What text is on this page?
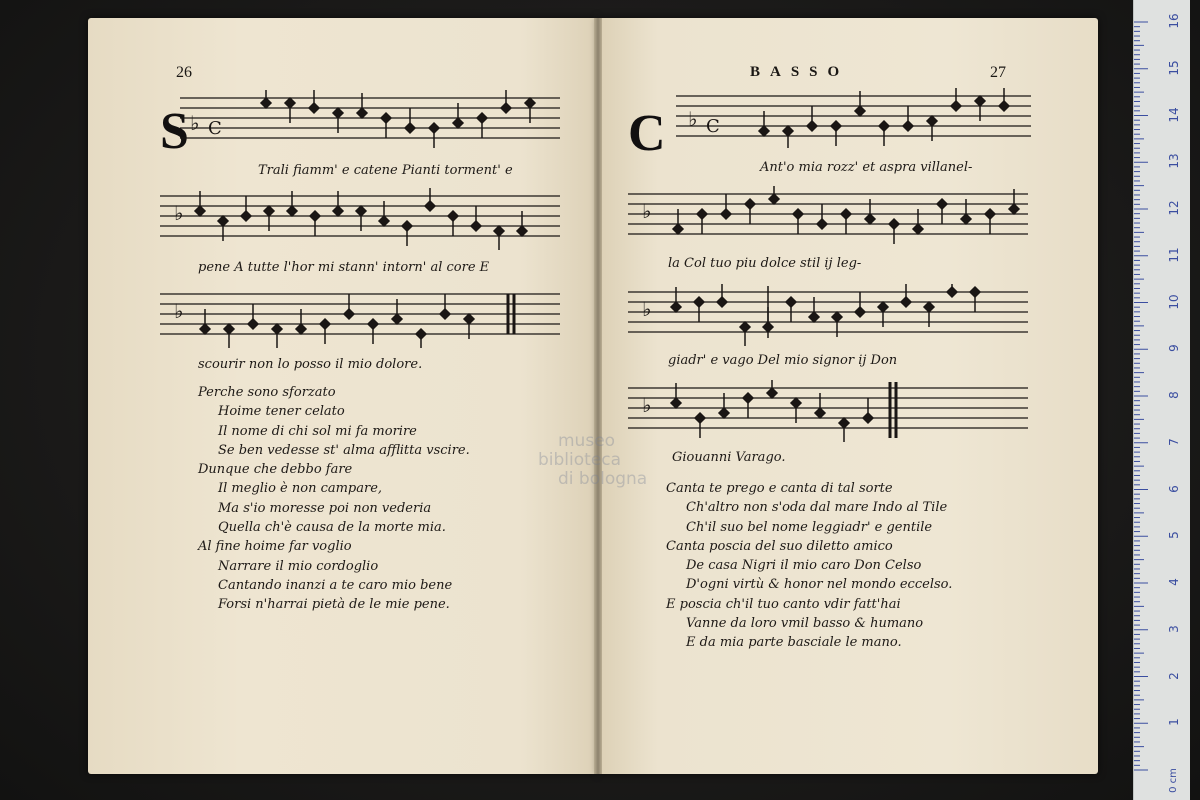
26
S ♭ C
♭
♭
Trali fiamm' e catene Pianti torment' e
pene A tutte l'hor mi stann' intorn' al core E
scourir non lo posso il mio dolore.
Perche sono sforzato
Hoime tener celato
Il nome di chi sol mi fa morire
Se ben vedesse st' alma afflitta vscire.
Dunque che debbo fare
Il meglio è non campare,
Ma s'io moresse poi non vederia
Quella ch'è causa de la morte mia.
Al fine hoime far voglio
Narrare il mio cordoglio
Cantando inanzi a te caro mio bene
Forsi n'harrai pietà de le mie pene.
BASSO	27
C ♭ C
♭
♭
♭
Ant'o mia rozz' et aspra villanel-
la Col tuo piu dolce stil ij leg-
giadr' e vago Del mio signor ij Don
Giouanni Varago.
museo
biblioteca
di bologna Canta te prego e canta di tal sorte
Ch'altro non s'oda dal mare Indo al Tile
Ch'il suo bel nome leggiadr' e gentile
Canta poscia del suo diletto amico
De casa Nigri il mio caro Don Celso
D'ogni virtù & honor nel mondo eccelso.
E poscia ch'il tuo canto vdir fatt'hai
Vanne da loro vmil basso & humano
E da mia parte basciale le mano.
0 cm
1
2
3
4
5
6
7
8
9
10
11
12
13
14
15
16
